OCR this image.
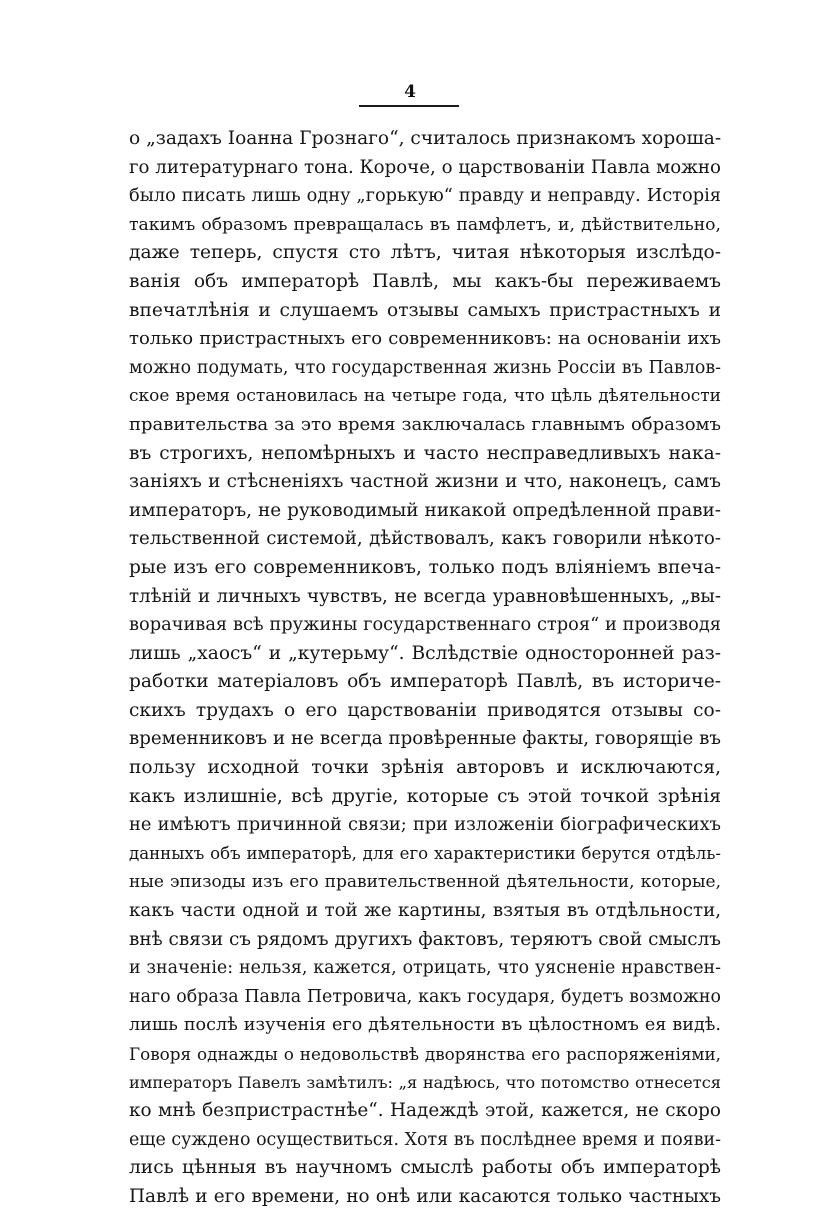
4
о „задахъ Іоанна Грознаго“, считалось признакомъ хороша-
го литературнаго тона. Короче, о царствованіи Павла можно
было писать лишь одну „горькую“ правду и неправду. Исторія
такимъ образомъ превращалась въ памфлетъ, и, дѣйствительно,
даже теперь, спустя сто лѣтъ, читая нѣкоторыя изслѣдо-
ванія объ императорѣ Павлѣ, мы какъ-бы переживаемъ
впечатлѣнія и слушаемъ отзывы самыхъ пристрастныхъ и
только пристрастныхъ его современниковъ: на основаніи ихъ
можно подумать, что государственная жизнь Россіи въ Павлов-
ское время остановилась на четыре года, что цѣль дѣятельности
правительства за это время заключалась главнымъ образомъ
въ строгихъ, непомѣрныхъ и часто несправедливыхъ нака-
заніяхъ и стѣсненіяхъ частной жизни и что, наконецъ, самъ
императоръ, не руководимый никакой опредѣленной прави-
тельственной системой, дѣйствовалъ, какъ говорили нѣкото-
рые изъ его современниковъ, только подъ вліяніемъ впеча-
тлѣній и личныхъ чувствъ, не всегда уравновѣшенныхъ, „вы-
ворачивая всѣ пружины государственнаго строя“ и производя
лишь „хаосъ“ и „кутерьму“. Вслѣдствіе односторонней раз-
работки матеріаловъ объ императорѣ Павлѣ, въ историче-
скихъ трудахъ о его царствованіи приводятся отзывы со-
временниковъ и не всегда провѣренные факты, говорящіе въ
пользу исходной точки зрѣнія авторовъ и исключаются,
какъ излишніе, всѣ другіе, которые съ этой точкой зрѣнія
не имѣютъ причинной связи; при изложеніи біографическихъ
данныхъ объ императорѣ, для его характеристики берутся отдѣль-
ные эпизоды изъ его правительственной дѣятельности, которые,
какъ части одной и той же картины, взятыя въ отдѣльности,
внѣ связи съ рядомъ другихъ фактовъ, теряютъ свой смыслъ
и значеніе: нельзя, кажется, отрицать, что уясненіе нравствен-
наго образа Павла Петровича, какъ государя, будетъ возможно
лишь послѣ изученія его дѣятельности въ цѣлостномъ ея видѣ.
Говоря однажды о недовольствѣ дворянства его распоряженіями,
императоръ Павелъ замѣтилъ: „я надѣюсь, что потомство отнесется
ко мнѣ безпристрастнѣе“. Надеждѣ этой, кажется, не скоро
еще суждено осуществиться. Хотя въ послѣднее время и появи-
лись цѣнныя въ научномъ смыслѣ работы объ императорѣ
Павлѣ и его времени, но онѣ или касаются только частныхъ
